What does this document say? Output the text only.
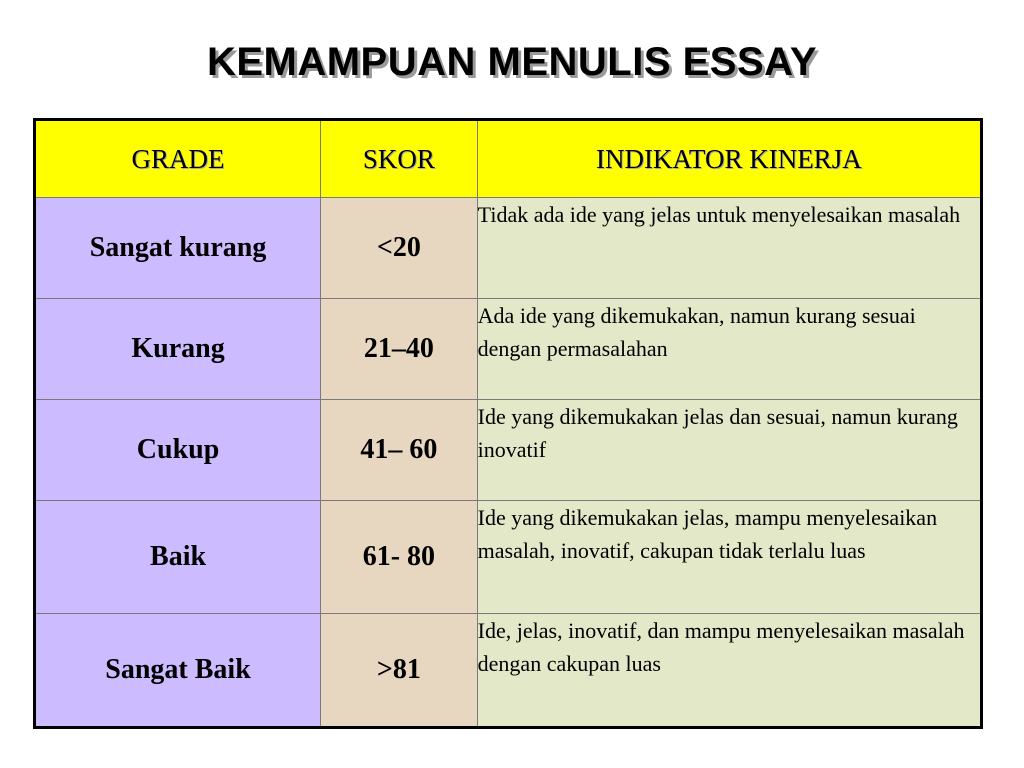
KEMAMPUAN MENULIS ESSAY
GRADE	SKOR	INDIKATOR KINERJA
Sangat kurang	<20	Tidak ada ide yang jelas untuk menyelesaikan masalah
Kurang	21–40	Ada ide yang dikemukakan, namun kurang sesuai dengan permasalahan
Cukup	41– 60	Ide yang dikemukakan jelas dan sesuai, namun kurang inovatif
Baik	61- 80	Ide yang dikemukakan jelas, mampu menyelesaikan masalah, inovatif, cakupan tidak terlalu luas
Sangat Baik	>81	Ide, jelas, inovatif, dan mampu menyelesaikan masalah dengan cakupan luas
